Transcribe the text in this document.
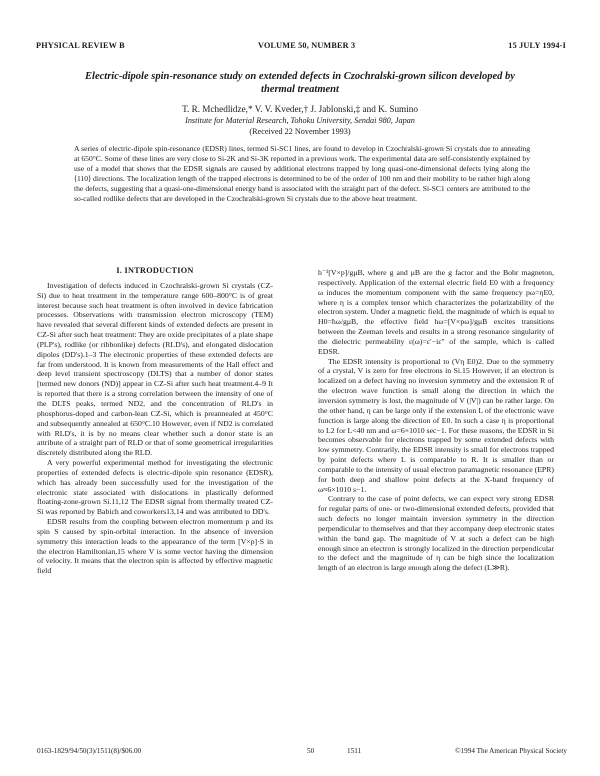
PHYSICAL REVIEW B	VOLUME 50, NUMBER 3	15 JULY 1994-I
Electric-dipole spin-resonance study on extended defects in Czochralski-grown silicon developed by thermal treatment
T. R. Mchedlidze,* V. V. Kveder,† J. Jablonski,‡ and K. Sumino
Institute for Material Research, Tohoku University, Sendai 980, Japan
(Received 22 November 1993)
A series of electric-dipole spin-resonance (EDSR) lines, termed Si-SC1 lines, are found to develop in Czochralski-grown Si crystals due to annealing at 650°C. Some of these lines are very close to Si-2K and Si-3K reported in a previous work. The experimental data are self-consistently explained by use of a model that shows that the EDSR signals are caused by additional electrons trapped by long quasi-one-dimensional defects lying along the ⟨110⟩ directions. The localization length of the trapped electrons is determined to be of the order of 100 nm and their mobility to be rather high along the defects, suggesting that a quasi-one-dimensional energy band is associated with the straight part of the defect. Si-SC1 centers are attributed to the so-called rodlike defects that are developed in the Czochralski-grown Si crystals due to the above heat treatment.
I. INTRODUCTION

Investigation of defects induced in Czochralski-grown Si crystals (CZ-Si) due to heat treatment in the temperature range 600–800°C is of great interest because such heat treatment is often involved in device fabrication processes. Observations with transmission electron microscopy (TEM) have revealed that several different kinds of extended defects are present in CZ-Si after such heat treatment: They are oxide precipitates of a plate shape (PLP's), rodlike (or ribbonlike) defects (RLD's), and elongated dislocation dipoles (DD's).1–3 The electronic properties of these extended defects are far from understood. It is known from measurements of the Hall effect and deep level transient spectroscopy (DLTS) that a number of donor states [termed new donors (ND)] appear in CZ-Si after such heat treatment.4–9 It is reported that there is a strong correlation between the intensity of one of the DLTS peaks, termed ND2, and the concentration of RLD's in phosphorus-doped and carbon-lean CZ-Si, which is preannealed at 450°C and subsequently annealed at 650°C.10 However, even if ND2 is correlated with RLD's, it is by no means clear whether such a donor state is an attribute of a straight part of RLD or that of some geometrical irregularities discretely distributed along the RLD.

A very powerful experimental method for investigating the electronic properties of extended defects is electric-dipole spin resonance (EDSR), which has already been successfully used for the investigation of the electronic state associated with dislocations in plastically deformed floating-zone-grown Si.11,12 The EDSR signal from thermally treated CZ-Si was reported by Babich and coworkers13,14 and was attributed to DD's.

EDSR results from the coupling between electron momentum p and its spin S caused by spin-orbital interaction. In the absence of inversion symmetry this interaction leads to the appearance of the term [V×p]·S in the electron Hamiltonian,15 where V is some vector having the dimension of velocity. It means that the electron spin is affected by effective magnetic field

h⁻¹[V×p]/gμB, where g and μB are the g factor and the Bohr magneton, respectively. Application of the external electric field E0 with a frequency ω induces the momentum component with the same frequency pω=ηE0, where η is a complex tensor which characterizes the polarizability of the electron system. Under a magnetic field, the magnitude of which is equal to H0=ħω/gμB, the effective field hω=[V×pω]/gμB excites transitions between the Zeeman levels and results in a strong resonance singularity of the dielectric permeability ε(ω)=ε′−iε″ of the sample, which is called EDSR.

The EDSR intensity is proportional to (Vη E0)2. Due to the symmetry of a crystal, V is zero for free electrons in Si.15 However, if an electron is localized on a defect having no inversion symmetry and the extension R of the electron wave function is small along the direction in which the inversion symmetry is lost, the magnitude of V (|V|) can be rather large. On the other hand, η can be large only if the extension L of the electronic wave function is large along the direction of E0. In such a case η is proportional to L2 for L<40 nm and ω=6×1010 sec−1. For these reasons, the EDSR in Si becomes observable for electrons trapped by some extended defects with low symmetry. Contrarily, the EDSR intensity is small for electrons trapped by point defects where L is comparable to R. It is smaller than or comparable to the intensity of usual electron paramagnetic resonance (EPR) for both deep and shallow point defects at the X-band frequency of ω≈6×1010 s−1.

Contrary to the case of point defects, we can expect very strong EDSR for regular parts of one- or two-dimensional extended defects, provided that such defects no longer maintain inversion symmetry in the direction perpendicular to themselves and that they accompany deep electronic states within the band gap. The magnitude of V at such a defect can be high enough since an electron is strongly localized in the direction perpendicular to the defect and the magnitude of η can be high since the localization length of an electron is large enough along the defect (L≫R).

0163-1829/94/50(3)/1511(8)/$06.00	50	1511	©1994 The American Physical Society
